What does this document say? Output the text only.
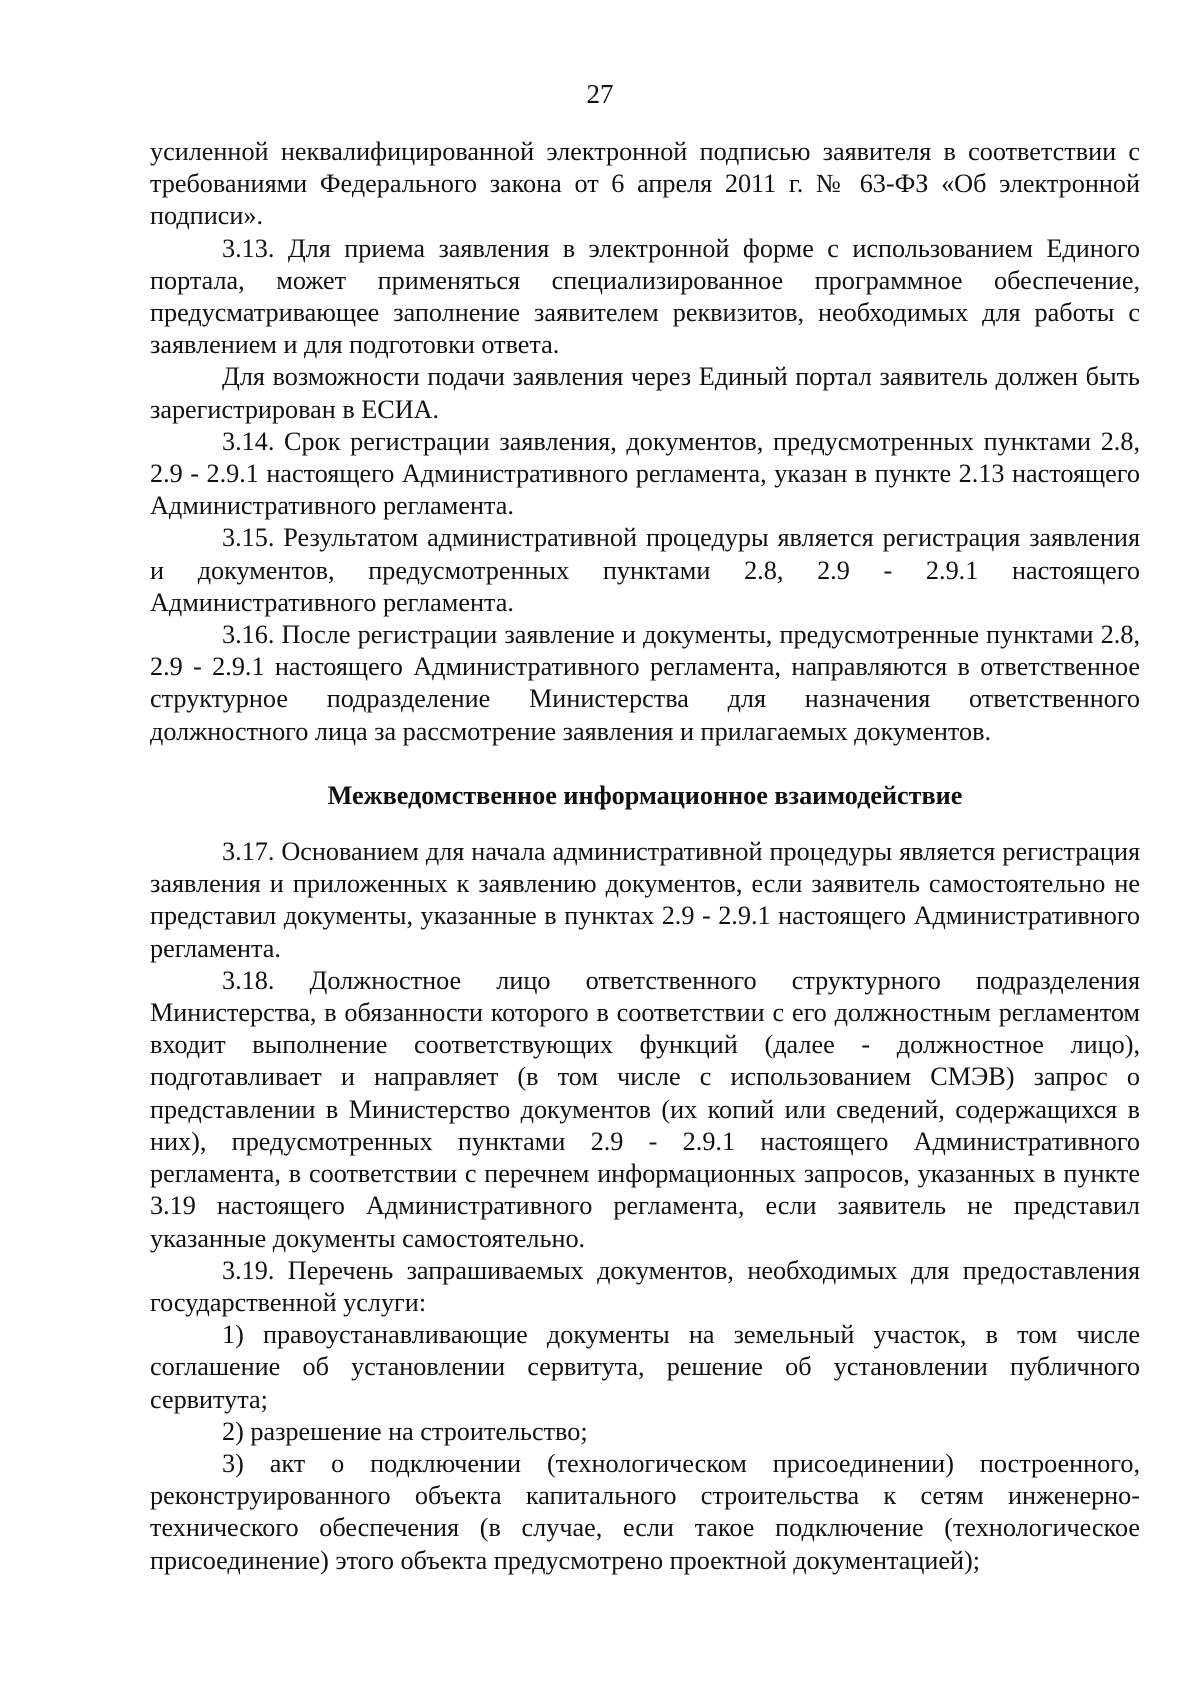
27

усиленной неквалифицированной электронной подписью заявителя в соответствии с требованиями Федерального закона от 6 апреля 2011 г. № 63-ФЗ «Об электронной подписи».

3.13. Для приема заявления в электронной форме с использованием Единого портала, может применяться специализированное программное обеспечение, предусматривающее заполнение заявителем реквизитов, необходимых для работы с заявлением и для подготовки ответа.

Для возможности подачи заявления через Единый портал заявитель должен быть зарегистрирован в ЕСИА.

3.14. Срок регистрации заявления, документов, предусмотренных пунктами 2.8, 2.9 - 2.9.1 настоящего Административного регламента, указан в пункте 2.13 настоящего Административного регламента.

3.15. Результатом административной процедуры является регистрация заявления и документов, предусмотренных пунктами 2.8, 2.9 - 2.9.1 настоящего Административного регламента.

3.16. После регистрации заявление и документы, предусмотренные пунктами 2.8, 2.9 - 2.9.1 настоящего Административного регламента, направляются в ответственное структурное подразделение Министерства для назначения ответственного должностного лица за рассмотрение заявления и прилагаемых документов.

Межведомственное информационное взаимодействие

3.17. Основанием для начала административной процедуры является регистрация заявления и приложенных к заявлению документов, если заявитель самостоятельно не представил документы, указанные в пунктах 2.9 - 2.9.1 настоящего Административного регламента.

3.18. Должностное лицо ответственного структурного подразделения Министерства, в обязанности которого в соответствии с его должностным регламентом входит выполнение соответствующих функций (далее - должностное лицо), подготавливает и направляет (в том числе с использованием СМЭВ) запрос о представлении в Министерство документов (их копий или сведений, содержащихся в них), предусмотренных пунктами 2.9 - 2.9.1 настоящего Административного регламента, в соответствии с перечнем информационных запросов, указанных в пункте 3.19 настоящего Административного регламента, если заявитель не представил указанные документы самостоятельно.

3.19. Перечень запрашиваемых документов, необходимых для предоставления государственной услуги:

1) правоустанавливающие документы на земельный участок, в том числе соглашение об установлении сервитута, решение об установлении публичного сервитута;

2) разрешение на строительство;

3) акт о подключении (технологическом присоединении) построенного, реконструированного объекта капитального строительства к сетям инженерно-технического обеспечения (в случае, если такое подключение (технологическое присоединение) этого объекта предусмотрено проектной документацией);
